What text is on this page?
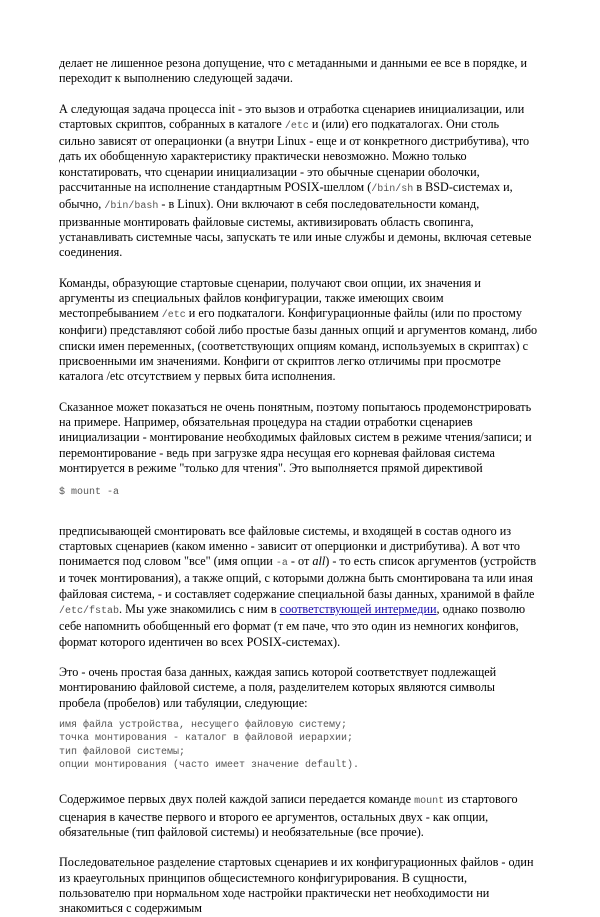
делает не лишенное резона допущение, что с метаданными и данными ее все в порядке, и переходит к выполнению следующей задачи.

А следующая задача процесса init - это вызов и отработка сценариев инициализации, или стартовых скриптов, собранных в каталоге /etc и (или) его подкаталогах. Они столь сильно зависят от операционки (а внутри Linux - еще и от конкретного дистрибутива), что дать их обобщенную характеристику практически невозможно. Можно только констатировать, что сценарии инициализации - это обычные сценарии оболочки, рассчитанные на исполнение стандартным POSIX-шеллом (/bin/sh в BSD-системах и, обычно, /bin/bash - в Linux). Они включают в себя последовательности команд, призванные монтировать файловые системы, активизировать область свопинга, устанавливать системные часы, запускать те или иные службы и демоны, включая сетевые соединения.

Команды, образующие стартовые сценарии, получают свои опции, их значения и аргументы из специальных файлов конфигурации, также имеющих своим местопребыванием /etc и его подкаталоги. Конфигурационные файлы (или по простому конфиги) представляют собой либо простые базы данных опций и аргументов команд, либо списки имен переменных, (соответствующих опциям команд, используемых в скриптах) с присвоенными им значениями. Конфиги от скриптов легко отличимы при просмотре каталога /etc отсутствием у первых бита исполнения.

Сказанное может показаться не очень понятным, поэтому попытаюсь продемонстрировать на примере. Например, обязательная процедура на стадии отработки сценариев инициализации - монтирование необходимых файловых систем в режиме чтения/записи; и перемонтирование - ведь при загрузке ядра несущая его корневая файловая система монтируется в режиме "только для чтения". Это выполняется прямой директивой

$ mount -a

предписывающей смонтировать все файловые системы, и входящей в состав одного из стартовых сценариев (каком именно - зависит от оперционки и дистрибутива). А вот что понимается под словом "все" (имя опции -a - от all) - то есть список аргументов (устройств и точек монтирования), а также опций, с которыми должна быть смонтирована та или иная файловая система, - и составляет содержание специальной базы данных, хранимой в файле /etc/fstab. Мы уже знакомились с ним в соответствующей интермедии, однако позволю себе напомнить обобщенный его формат (т ем паче, что это один из немногих конфигов, формат которого идентичен во всех POSIX-системах).

Это - очень простая база данных, каждая запись которой соответствует подлежащей монтированию файловой системе, а поля, разделителем которых являются символы пробела (пробелов) или табуляции, следующие:

имя файла устройства, несущего файловую систему;
точка монтирования - каталог в файловой иерархии;
тип файловой системы;
опции монтирования (часто имеет значение default).

Содержимое первых двух полей каждой записи передается команде mount из стартового сценария в качестве первого и второго ее аргументов, остальных двух - как опции, обязательные (тип файловой системы) и необязательные (все прочие).

Последовательное разделение стартовых сценариев и их конфигурационных файлов - один из краеугольных принципов общесистемного конфигурирования. В сущности, пользователю при нормальном ходе настройки практически нет необходимости ни знакомиться с содержимым
